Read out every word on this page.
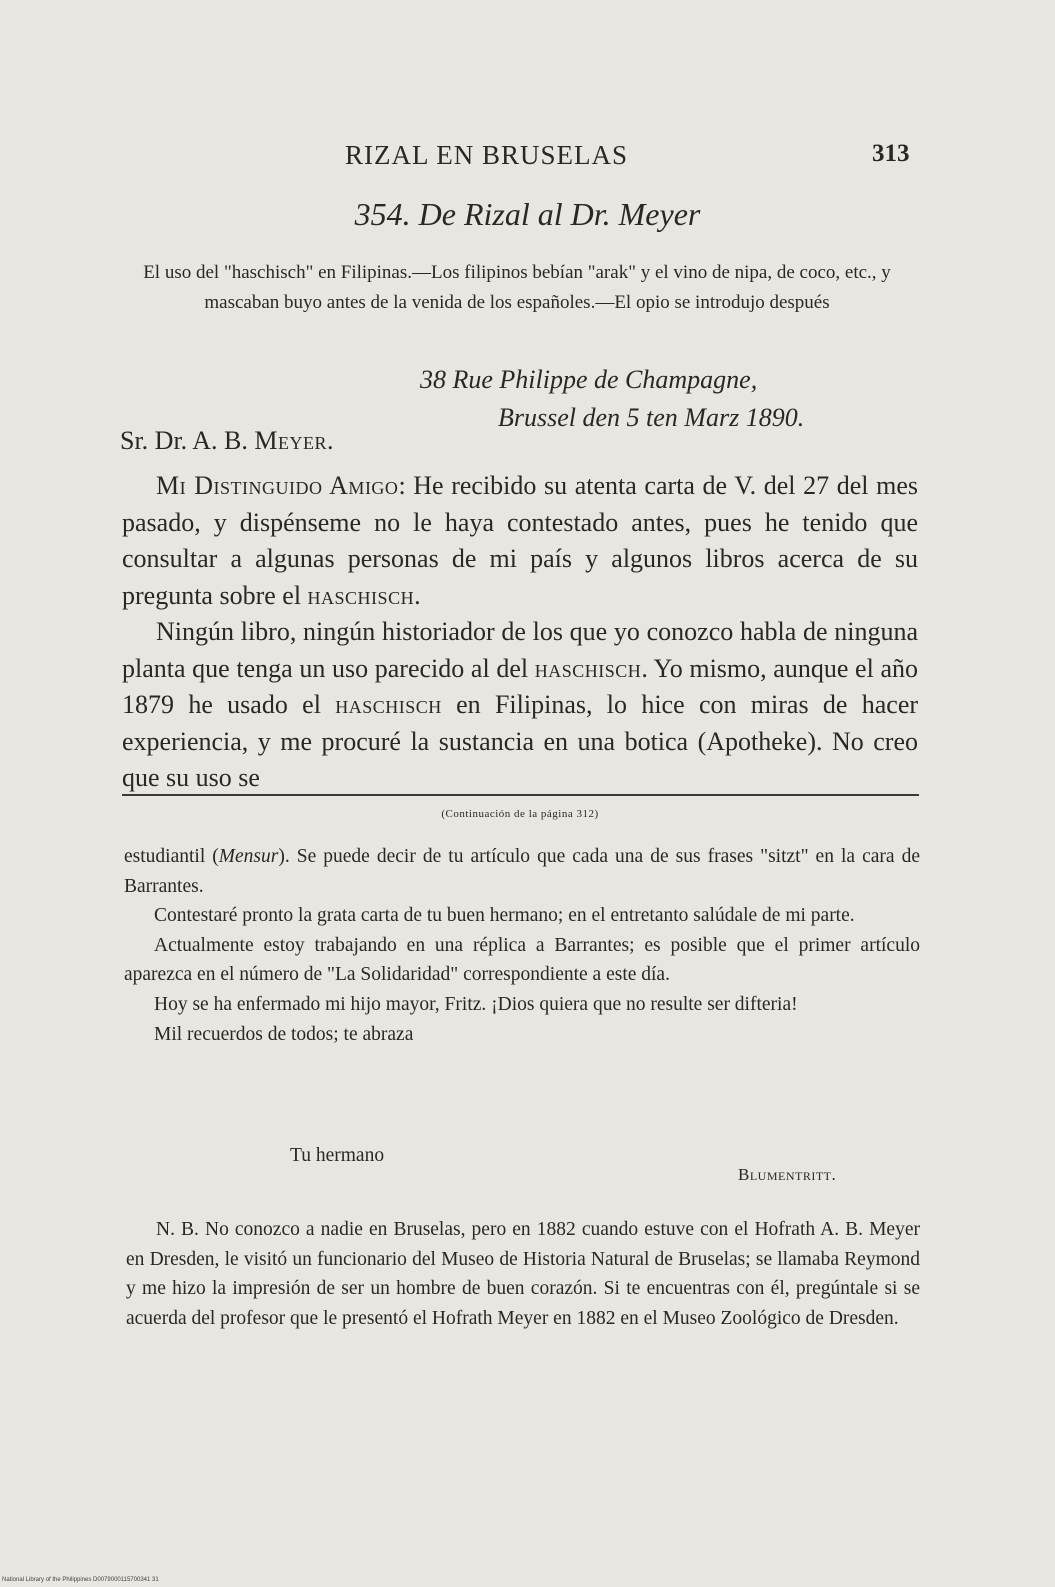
RIZAL EN BRUSELAS	313
354. De Rizal al Dr. Meyer
El uso del "haschisch" en Filipinas.—Los filipinos bebían "arak" y el vino de nipa, de coco, etc., y mascaban buyo antes de la venida de los españoles.—El opio se introdujo después
38 Rue Philippe de Champagne,
Brussel den 5 ten Marz 1890.
Sr. Dr. A. B. Meyer.

Mi Distinguido Amigo: He recibido su atenta carta de V. del 27 del mes pasado, y dispénseme no le haya contestado antes, pues he tenido que consultar a algunas personas de mi país y algunos libros acerca de su pregunta sobre el haschisch.

Ningún libro, ningún historiador de los que yo conozco habla de ninguna planta que tenga un uso parecido al del haschisch. Yo mismo, aunque el año 1879 he usado el haschisch en Filipinas, lo hice con miras de hacer experiencia, y me procuré la sustancia en una botica (Apotheke). No creo que su uso se

(Continuación de la página 312)

estudiantil (Mensur). Se puede decir de tu artículo que cada una de sus frases "sitzt" en la cara de Barrantes.

Contestaré pronto la grata carta de tu buen hermano; en el entretanto salúdale de mi parte.

Actualmente estoy trabajando en una réplica a Barrantes; es posible que el primer artículo aparezca en el número de "La Solidaridad" correspondiente a este día.

Hoy se ha enfermado mi hijo mayor, Fritz. ¡Dios quiera que no resulte ser difteria!

Mil recuerdos de todos; te abraza

Tu hermano
Blumentritt.
N. B. No conozco a nadie en Bruselas, pero en 1882 cuando estuve con el Hofrath A. B. Meyer en Dresden, le visitó un funcionario del Museo de Historia Natural de Bruselas; se llamaba Reymond y me hizo la impresión de ser un hombre de buen corazón. Si te encuentras con él, pregúntale si se acuerda del profesor que le presentó el Hofrath Meyer en 1882 en el Museo Zoológico de Dresden.
National Library of the Philippines D0079000115700341 31
